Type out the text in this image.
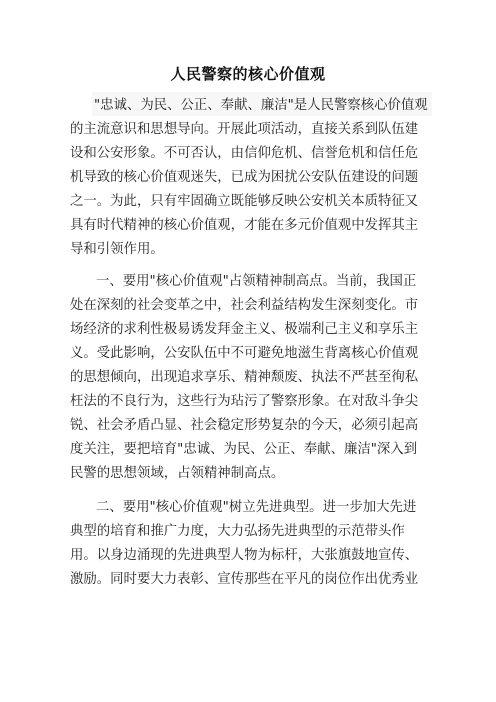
人民警察的核心价值观
"忠诚、为民、公正、奉献、廉洁"是人民警察核心价值观
的主流意识和思想导向。开展此项活动，直接关系到队伍建
设和公安形象。不可否认，由信仰危机、信誉危机和信任危
机导致的核心价值观迷失，已成为困扰公安队伍建设的问题
之一。为此，只有牢固确立既能够反映公安机关本质特征又
具有时代精神的核心价值观，才能在多元价值观中发挥其主
导和引领作用。
一、要用"核心价值观"占领精神制高点。当前，我国正
处在深刻的社会变革之中，社会利益结构发生深刻变化。市
场经济的求利性极易诱发拜金主义、极端利己主义和享乐主
义。受此影响，公安队伍中不可避免地滋生背离核心价值观
的思想倾向，出现追求享乐、精神颓废、执法不严甚至徇私
枉法的不良行为，这些行为玷污了警察形象。在对敌斗争尖
锐、社会矛盾凸显、社会稳定形势复杂的今天，必须引起高
度关注，要把培育"忠诚、为民、公正、奉献、廉洁"深入到
民警的思想领域，占领精神制高点。
二、要用"核心价值观"树立先进典型。进一步加大先进
典型的培育和推广力度，大力弘扬先进典型的示范带头作
用。以身边涌现的先进典型人物为标杆，大张旗鼓地宣传、
激励。同时要大力表彰、宣传那些在平凡的岗位作出优秀业
